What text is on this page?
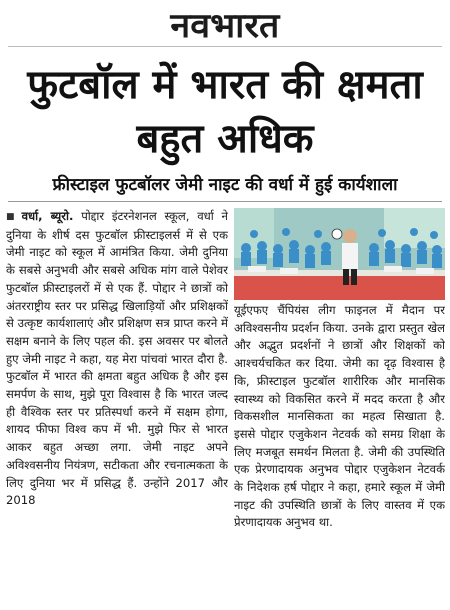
नवभारत
फुटबॉल में भारत की क्षमता बहुत अधिक
फ्रीस्टाइल फुटबॉलर जेमी नाइट की वर्धा में हुई कार्यशाला
■ वर्धा, ब्यूरो. पोद्दार इंटरनेशनल स्कूल, वर्धा ने दुनिया के शीर्ष दस फुटबॉल फ्रीस्टाइलर्स में से एक जेमी नाइट को स्कूल में आमंत्रित किया. जेमी दुनिया के सबसे अनुभवी और सबसे अधिक मांग वाले पेशेवर फुटबॉल फ्रीस्टाइलरों में से एक हैं. पोद्दार ने छात्रों को अंतरराष्ट्रीय स्तर पर प्रसिद्ध खिलाड़ियों और प्रशिक्षकों से उत्कृष्ट कार्यशालाएं और प्रशिक्षण सत्र प्राप्त करने में सक्षम बनाने के लिए पहल की. इस अवसर पर बोलते हुए जेमी नाइट ने कहा, यह मेरा पांचवां भारत दौरा है. फुटबॉल में भारत की क्षमता बहुत अधिक है और इस समर्पण के साथ, मुझे पूरा विश्वास है कि भारत जल्द ही वैश्विक स्तर पर प्रतिस्पर्धा करने में सक्षम होगा, शायद फीफा विश्व कप में भी. मुझे फिर से भारत आकर बहुत अच्छा लगा. जेमी नाइट अपने अविश्वसनीय नियंत्रण, सटीकता और रचनात्मकता के लिए दुनिया भर में प्रसिद्ध हैं. उन्होंने 2017 और 2018
यूईएफए चैंपियंस लीग फाइनल में मैदान पर अविश्वसनीय प्रदर्शन किया. उनके द्वारा प्रस्तुत खेल और अद्भुत प्रदर्शनों ने छात्रों और शिक्षकों को आश्चर्यचकित कर दिया. जेमी का दृढ़ विश्वास है कि, फ्रीस्टाइल फुटबॉल शारीरिक और मानसिक स्वास्थ्य को विकसित करने में मदद करता है और विकसशील मानसिकता का महत्व सिखाता है. इससे पोद्दार एजुकेशन नेटवर्क को समग्र शिक्षा के लिए मजबूत समर्थन मिलता है. जेमी की उपस्थिति एक प्रेरणादायक अनुभव पोद्दार एजुकेशन नेटवर्क के निदेशक हर्ष पोद्दार ने कहा, हमारे स्कूल में जेमी नाइट की उपस्थिति छात्रों के लिए वास्तव में एक प्रेरणादायक अनुभव था.
